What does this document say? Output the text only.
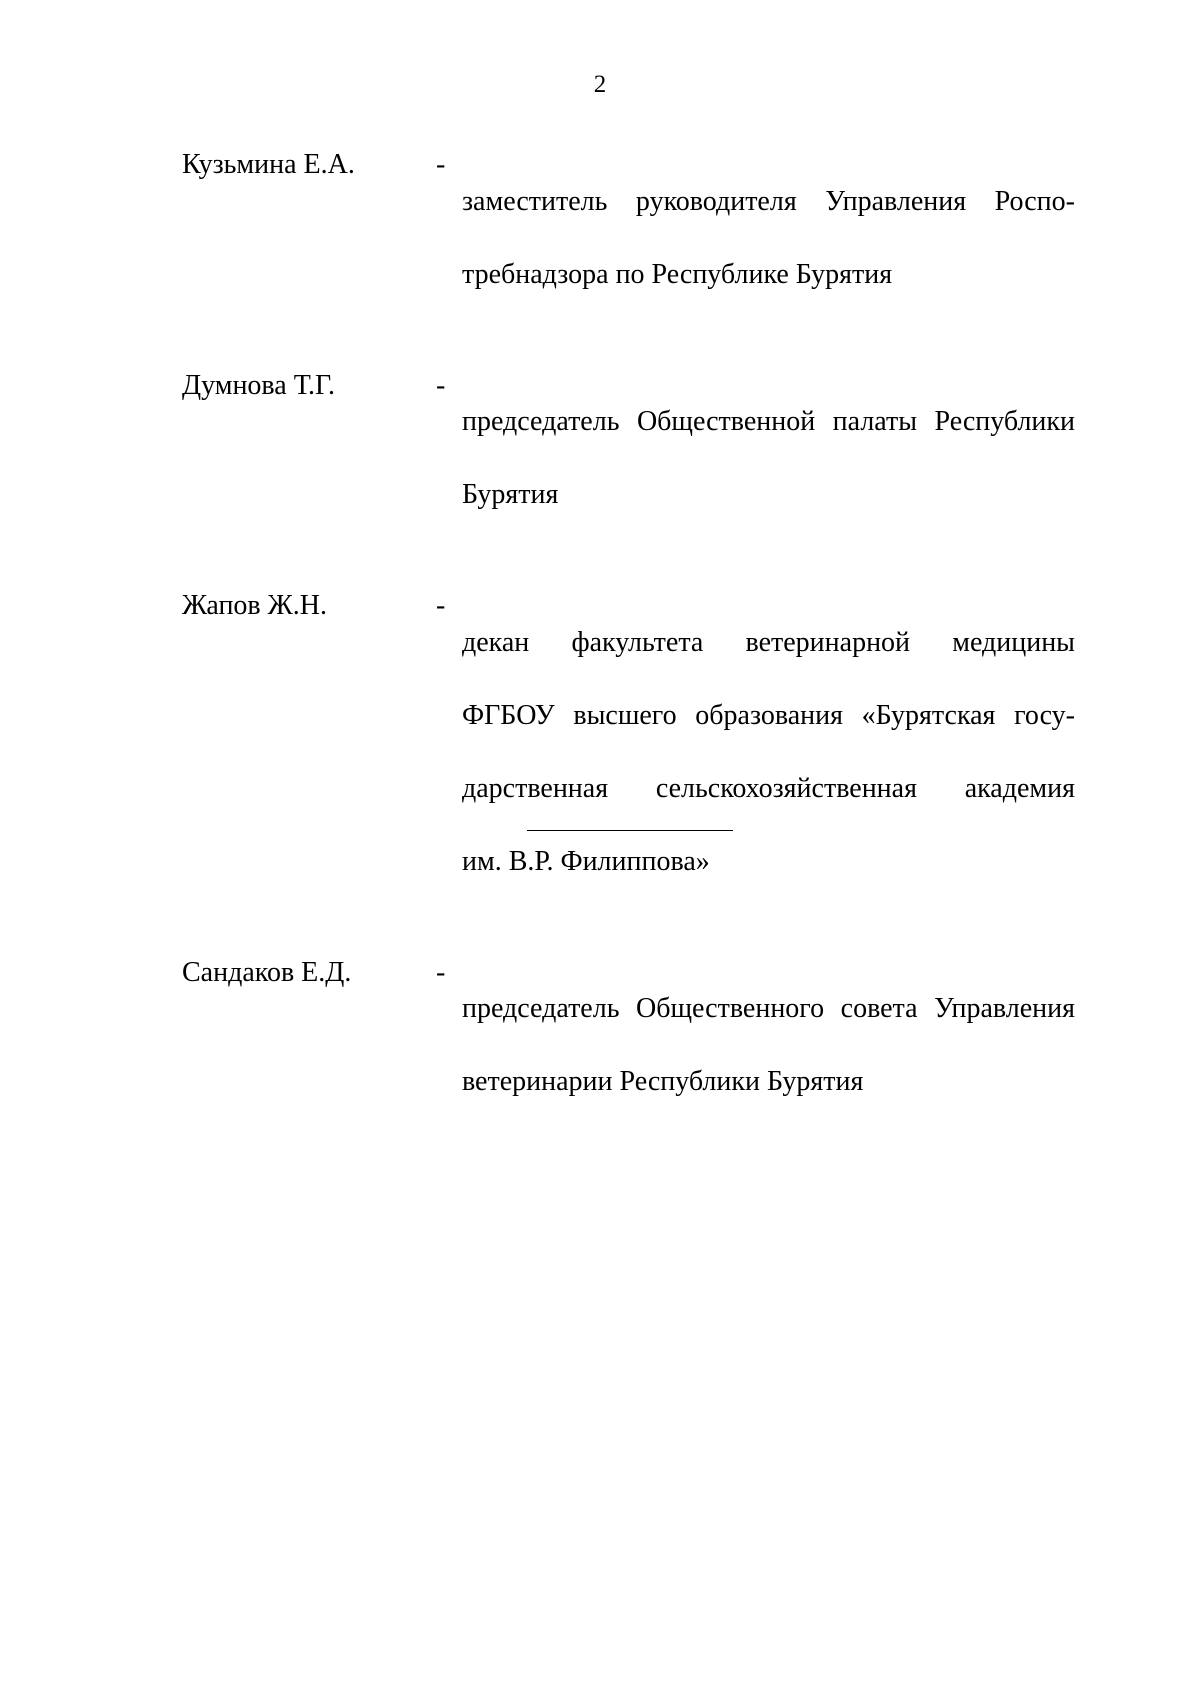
2
Кузьмина Е.А.	-

заместитель руководителя Управления Роспо-

требнадзора по Республике Бурятия

Думнова Т.Г.	-

председатель Общественной палаты Республики

Бурятия

Жапов Ж.Н.	-

декан факультета ветеринарной медицины

ФГБОУ высшего образования «Бурятская госу-

дарственная сельскохозяйственная академия

им. В.Р. Филиппова»

Сандаков Е.Д.	-

председатель Общественного совета Управления

ветеринарии Республики Бурятия
